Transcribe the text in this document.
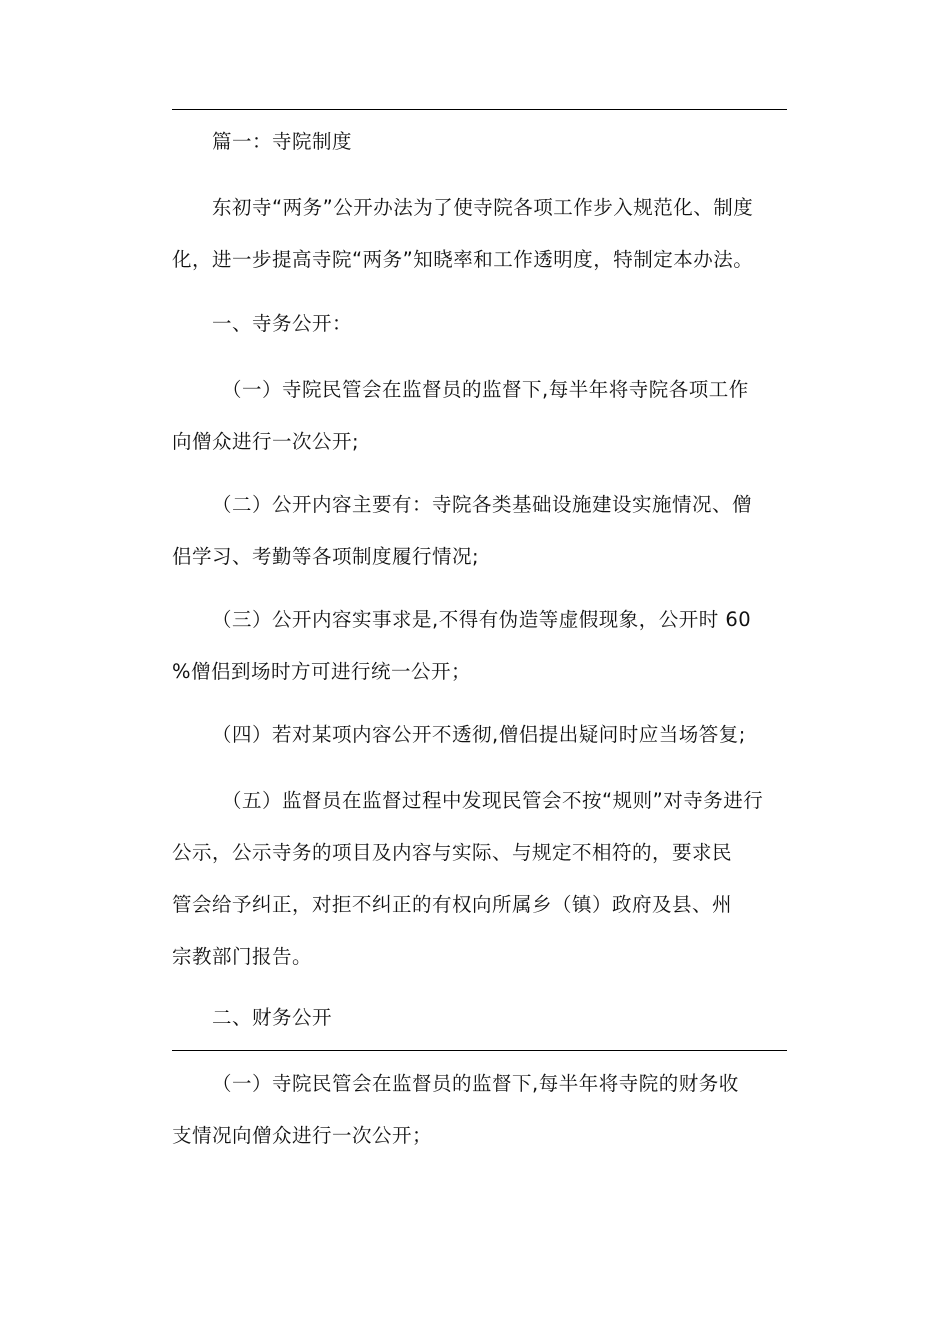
篇一：寺院制度
东初寺“两务”公开办法为了使寺院各项工作步入规范化、制度
化，进一步提高寺院“两务”知晓率和工作透明度，特制定本办法。
一、寺务公开：
（一）寺院民管会在监督员的监督下,每半年将寺院各项工作
向僧众进行一次公开;
（二）公开内容主要有：寺院各类基础设施建设实施情况、僧
侣学习、考勤等各项制度履行情况;
（三）公开内容实事求是,不得有伪造等虚假现象，公开时 60
%僧侣到场时方可进行统一公开；
（四）若对某项内容公开不透彻,僧侣提出疑问时应当场答复;
（五）监督员在监督过程中发现民管会不按“规则”对寺务进行
公示，公示寺务的项目及内容与实际、与规定不相符的，要求民
管会给予纠正，对拒不纠正的有权向所属乡（镇）政府及县、州
宗教部门报告。
二、财务公开
（一）寺院民管会在监督员的监督下,每半年将寺院的财务收
支情况向僧众进行一次公开；
